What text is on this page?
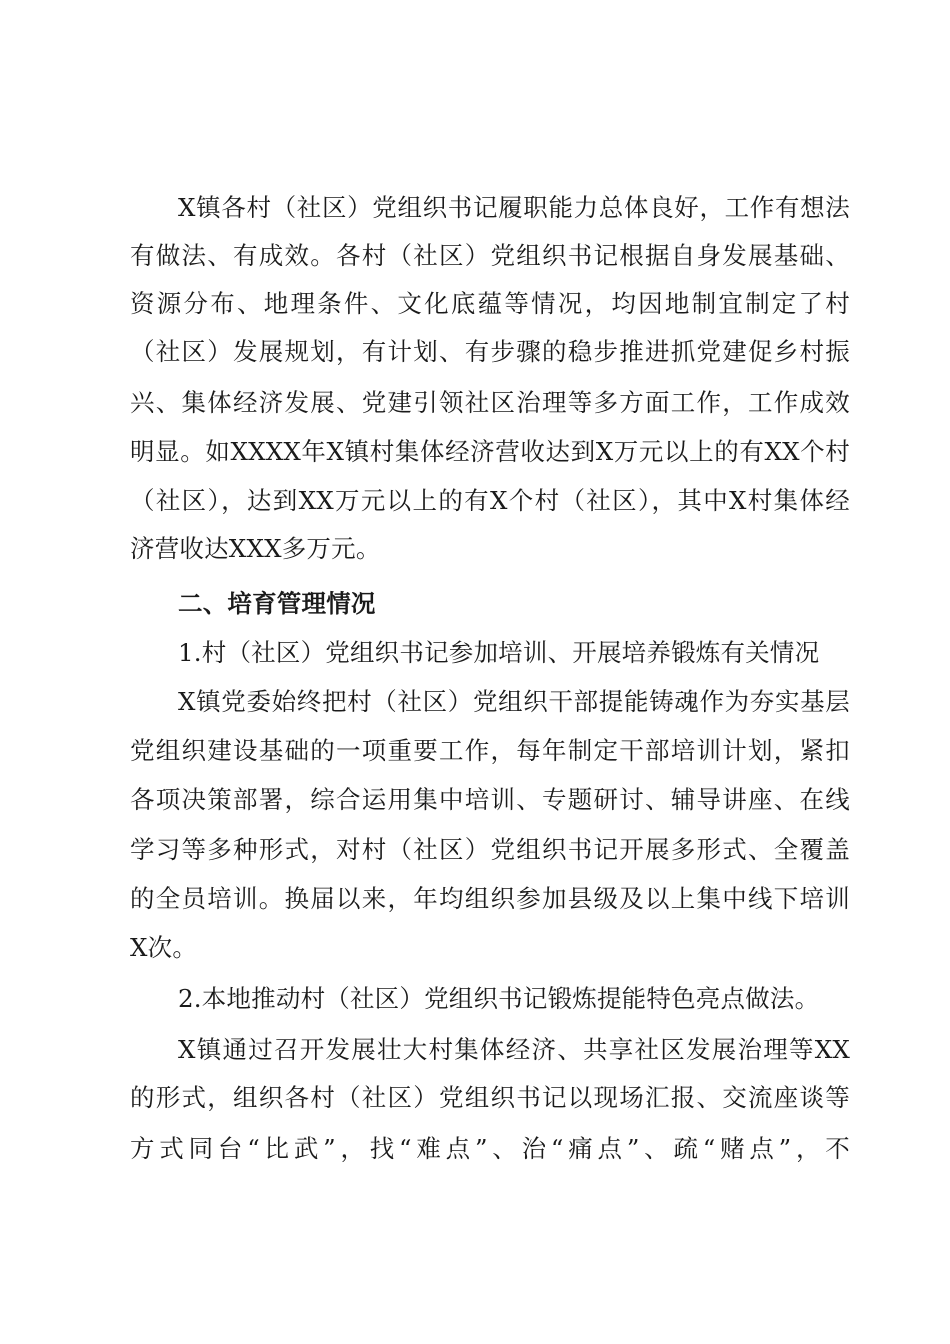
X镇各村（社区）党组织书记履职能力总体良好，工作有想法
有做法、有成效。各村（社区）党组织书记根据自身发展基础、
资源分布、地理条件、文化底蕴等情况，均因地制宜制定了村
（社区）发展规划，有计划、有步骤的稳步推进抓党建促乡村振
兴、集体经济发展、党建引领社区治理等多方面工作，工作成效
明显。如XXXX年X镇村集体经济营收达到X万元以上的有XX个村
（社区），达到XX万元以上的有X个村（社区），其中X村集体经
济营收达XXX多万元。
二、培育管理情况
1.村（社区）党组织书记参加培训、开展培养锻炼有关情况
X镇党委始终把村（社区）党组织干部提能铸魂作为夯实基层
党组织建设基础的一项重要工作，每年制定干部培训计划，紧扣
各项决策部署，综合运用集中培训、专题研讨、辅导讲座、在线
学习等多种形式，对村（社区）党组织书记开展多形式、全覆盖
的全员培训。换届以来，年均组织参加县级及以上集中线下培训
X次。
2.本地推动村（社区）党组织书记锻炼提能特色亮点做法。
X镇通过召开发展壮大村集体经济、共享社区发展治理等XX
的形式，组织各村（社区）党组织书记以现场汇报、交流座谈等
方式同台“比武”，找“难点”、治“痛点”、疏“赌点”，不
